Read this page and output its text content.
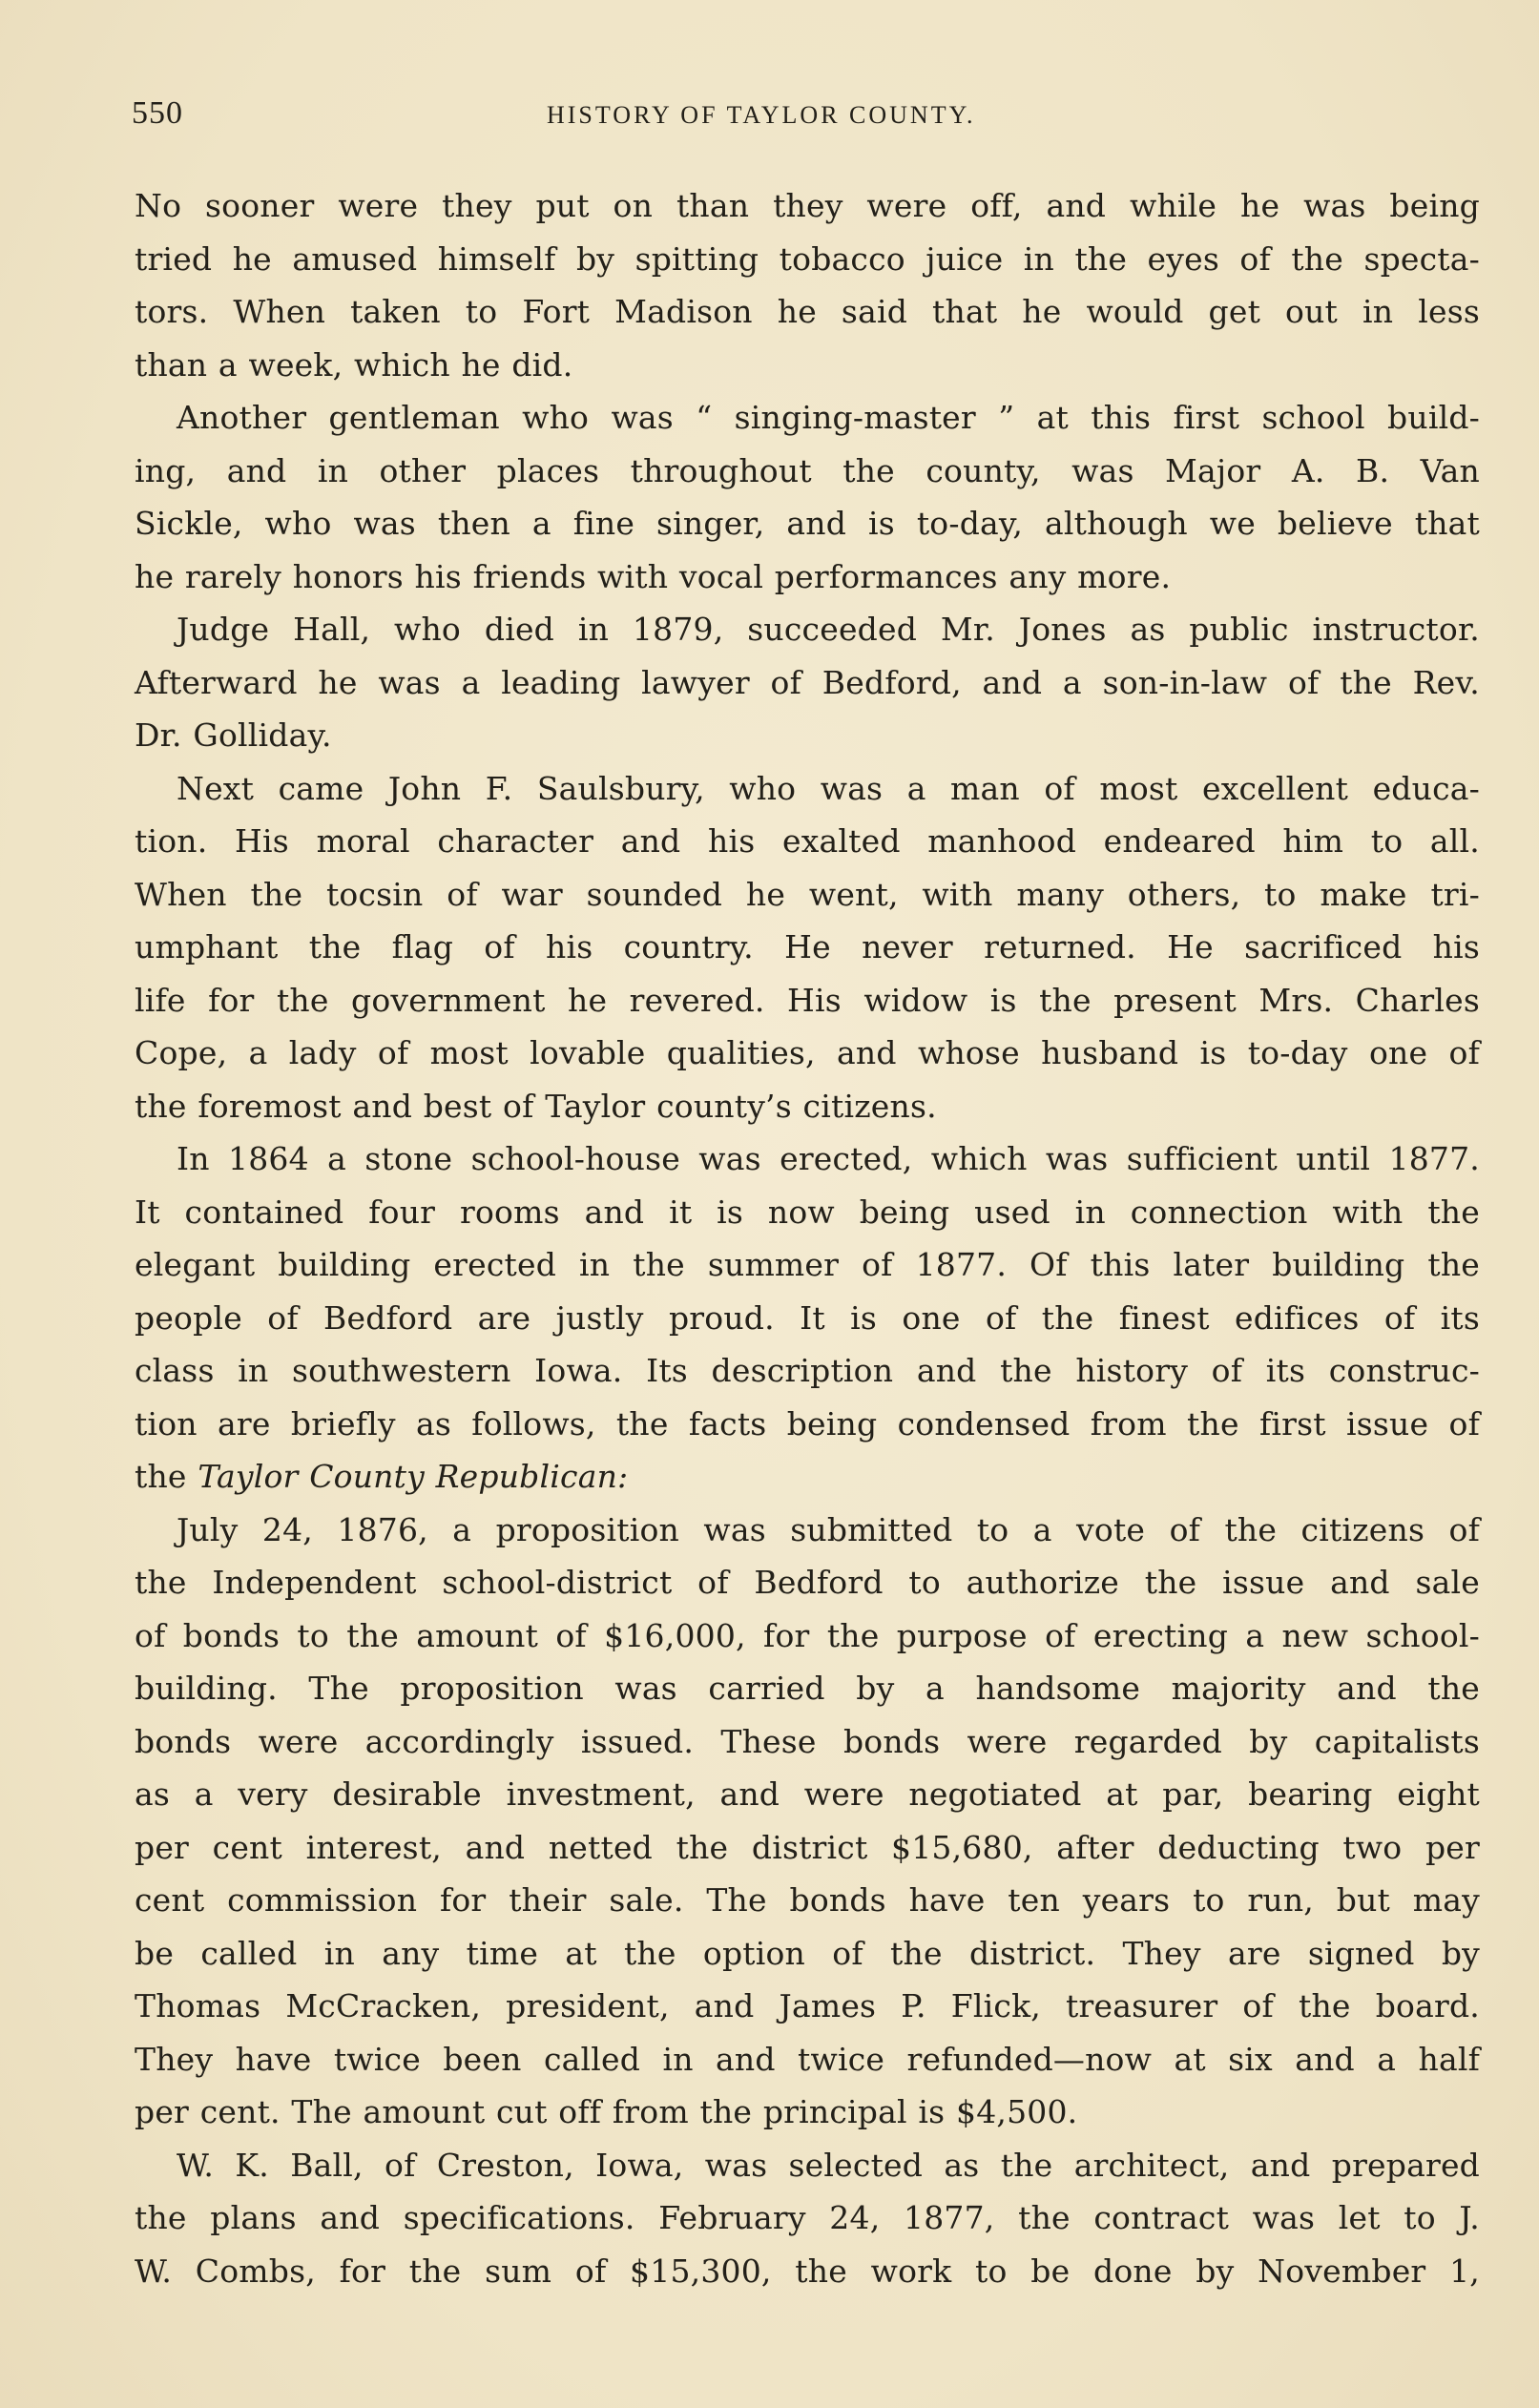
550	HISTORY OF TAYLOR COUNTY.
No sooner were they put on than they were off, and while he was being
tried he amused himself by spitting tobacco juice in the eyes of the specta-
tors. When taken to Fort Madison he said that he would get out in less
than a week, which he did.
Another gentleman who was “ singing-master ” at this first school build-
ing, and in other places throughout the county, was Major A. B. Van
Sickle, who was then a fine singer, and is to-day, although we believe that
he rarely honors his friends with vocal performances any more.
Judge Hall, who died in 1879, succeeded Mr. Jones as public instructor.
Afterward he was a leading lawyer of Bedford, and a son-in-law of the Rev.
Dr. Golliday.
Next came John F. Saulsbury, who was a man of most excellent educa-
tion. His moral character and his exalted manhood endeared him to all.
When the tocsin of war sounded he went, with many others, to make tri-
umphant the flag of his country. He never returned. He sacrificed his
life for the government he revered. His widow is the present Mrs. Charles
Cope, a lady of most lovable qualities, and whose husband is to-day one of
the foremost and best of Taylor county’s citizens.
In 1864 a stone school-house was erected, which was sufficient until 1877.
It contained four rooms and it is now being used in connection with the
elegant building erected in the summer of 1877. Of this later building the
people of Bedford are justly proud. It is one of the finest edifices of its
class in southwestern Iowa. Its description and the history of its construc-
tion are briefly as follows, the facts being condensed from the first issue of
the Taylor County Republican:
July 24, 1876, a proposition was submitted to a vote of the citizens of
the Independent school-district of Bedford to authorize the issue and sale
of bonds to the amount of $16,000, for the purpose of erecting a new school-
building. The proposition was carried by a handsome majority and the
bonds were accordingly issued. These bonds were regarded by capitalists
as a very desirable investment, and were negotiated at par, bearing eight
per cent interest, and netted the district $15,680, after deducting two per
cent commission for their sale. The bonds have ten years to run, but may
be called in any time at the option of the district. They are signed by
Thomas McCracken, president, and James P. Flick, treasurer of the board.
They have twice been called in and twice refunded—now at six and a half
per cent. The amount cut off from the principal is $4,500.
W. K. Ball, of Creston, Iowa, was selected as the architect, and prepared
the plans and specifications. February 24, 1877, the contract was let to J.
W. Combs, for the sum of $15,300, the work to be done by November 1,
